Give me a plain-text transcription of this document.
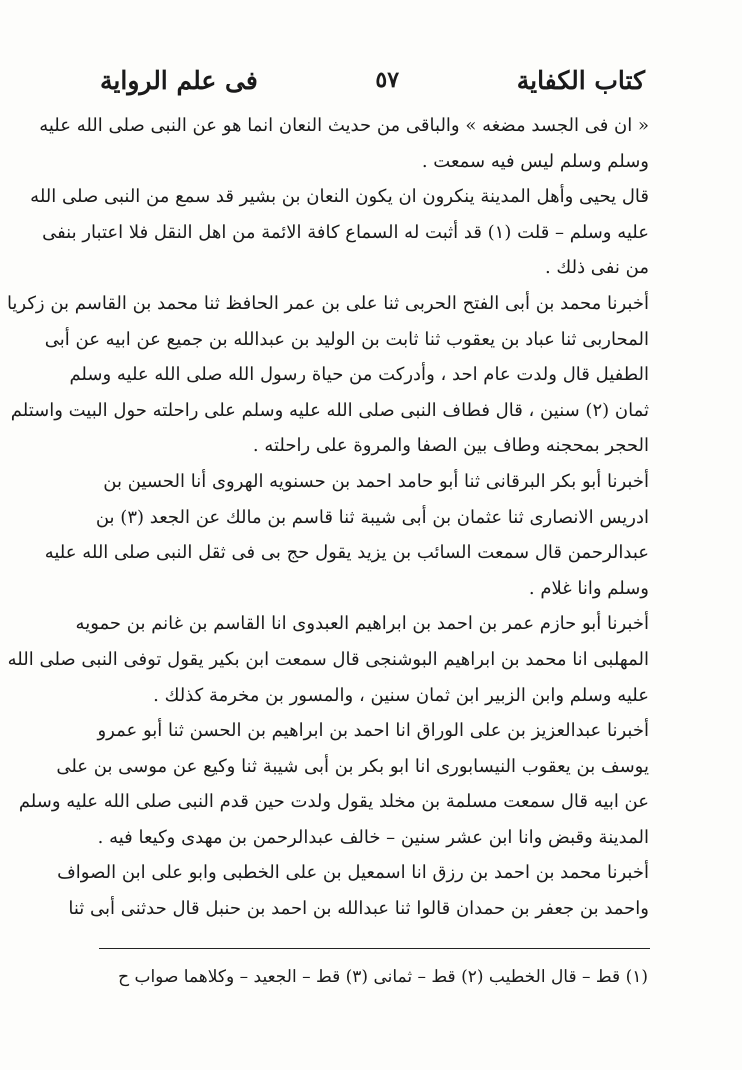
كتاب الكفاية
٥٧
فى علم الرواية
« ان فى الجسد مضغه » والباقى من حديث النعان انما هو عن النبى صلى الله عليه
وسلم وسلم ليس فيه سمعت .
قال يحيى وأهل المدينة ينكرون ان يكون النعان بن بشير قد سمع من النبى صلى الله
عليه وسلم – قلت (١) قد أثبت له السماع كافة الائمة من اهل النقل فلا اعتبار بنفى
من نفى ذلك .
أخبرنا محمد بن أبى الفتح الحربى ثنا على بن عمر الحافظ ثنا محمد بن القاسم بن زكريا
المحاربى ثنا عباد بن يعقوب ثنا ثابت بن الوليد بن عبدالله بن جميع عن ابيه عن أبى
الطفيل قال ولدت عام احد ، وأدركت من حياة رسول الله صلى الله عليه وسلم
ثمان (٢) سنين ، قال فطاف النبى صلى الله عليه وسلم على راحلته حول البيت واستلم
الحجر بمحجنه وطاف بين الصفا والمروة على راحلته .
أخبرنا أبو بكر البرقانى ثنا أبو حامد احمد بن حسنويه الهروى أنا الحسين بن
ادريس الانصارى ثنا عثمان بن أبى شيبة ثنا قاسم بن مالك عن الجعد (٣) بن
عبدالرحمن قال سمعت السائب بن يزيد يقول حج بى فى ثقل النبى صلى الله عليه
وسلم وانا غلام .
أخبرنا أبو حازم عمر بن احمد بن ابراهيم العبدوى انا القاسم بن غانم بن حمويه
المهلبى انا محمد بن ابراهيم البوشنجى قال سمعت ابن بكير يقول توفى النبى صلى الله
عليه وسلم وابن الزبير ابن ثمان سنين ، والمسور بن مخرمة كذلك .
أخبرنا عبدالعزيز بن على الوراق انا احمد بن ابراهيم بن الحسن ثنا أبو عمرو
يوسف بن يعقوب النيسابورى انا ابو بكر بن أبى شيبة ثنا وكيع عن موسى بن على
عن ابيه قال سمعت مسلمة بن مخلد يقول ولدت حين قدم النبى صلى الله عليه وسلم
المدينة وقبض وانا ابن عشر سنين – خالف عبدالرحمن بن مهدى وكيعا فيه .
أخبرنا محمد بن احمد بن رزق انا اسمعيل بن على الخطبى وابو على ابن الصواف
واحمد بن جعفر بن حمدان قالوا ثنا عبدالله بن احمد بن حنبل قال حدثنى أبى ثنا
(١) قط – قال الخطيب (٢) قط – ثمانى (٣) قط – الجعيد – وكلاهما صواب ح
